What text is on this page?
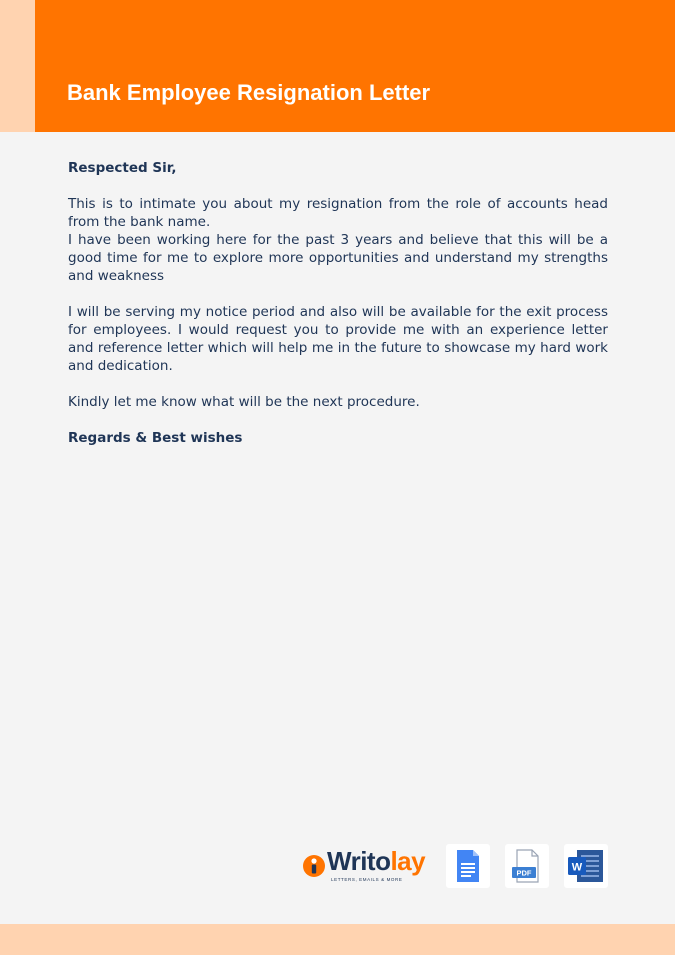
Bank Employee Resignation Letter

Respected Sir,

This is to intimate you about my resignation from the role of accounts head from the bank name.

I have been working here for the past 3 years and believe that this will be a good time for me to explore more opportunities and understand my strengths and weakness

I will be serving my notice period and also will be available for the exit process for employees. I would request you to provide me with an experience letter and reference letter which will help me in the future to showcase my hard work and dedication.

Kindly let me know what will be the next procedure.

Regards & Best wishes

Writolay
LETTERS, EMAILS & MORE
PDF	W
